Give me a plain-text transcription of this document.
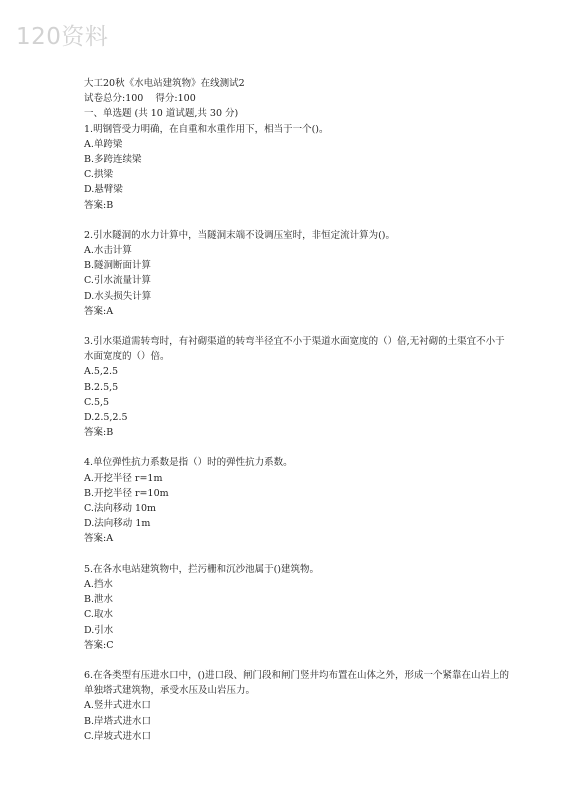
120资料
大工20秋《水电站建筑物》在线测试2
试卷总分:100    得分:100
一、单选题 (共 10 道试题,共 30 分)
1.明钢管受力明确，在自重和水重作用下，相当于一个()。
A.单跨梁
B.多跨连续梁
C.拱梁
D.悬臂梁
答案:B
2.引水隧洞的水力计算中，当隧洞末端不设调压室时，非恒定流计算为()。
A.水击计算
B.隧洞断面计算
C.引水流量计算
D.水头损失计算
答案:A
3.引水渠道需转弯时，有衬砌渠道的转弯半径宜不小于渠道水面宽度的（）倍,无衬砌的土渠宜不小于水面宽度的（）倍。
A.5,2.5
B.2.5,5
C.5,5
D.2.5,2.5
答案:B
4.单位弹性抗力系数是指（）时的弹性抗力系数。
A.开挖半径 r=1m
B.开挖半径 r=10m
C.法向移动 10m
D.法向移动 1m
答案:A
5.在各水电站建筑物中，拦污栅和沉沙池属于()建筑物。
A.挡水
B.泄水
C.取水
D.引水
答案:C
6.在各类型有压进水口中，()进口段、闸门段和闸门竖井均布置在山体之外，形成一个紧靠在山岩上的单独塔式建筑物，承受水压及山岩压力。
A.竖井式进水口
B.岸塔式进水口
C.岸坡式进水口
